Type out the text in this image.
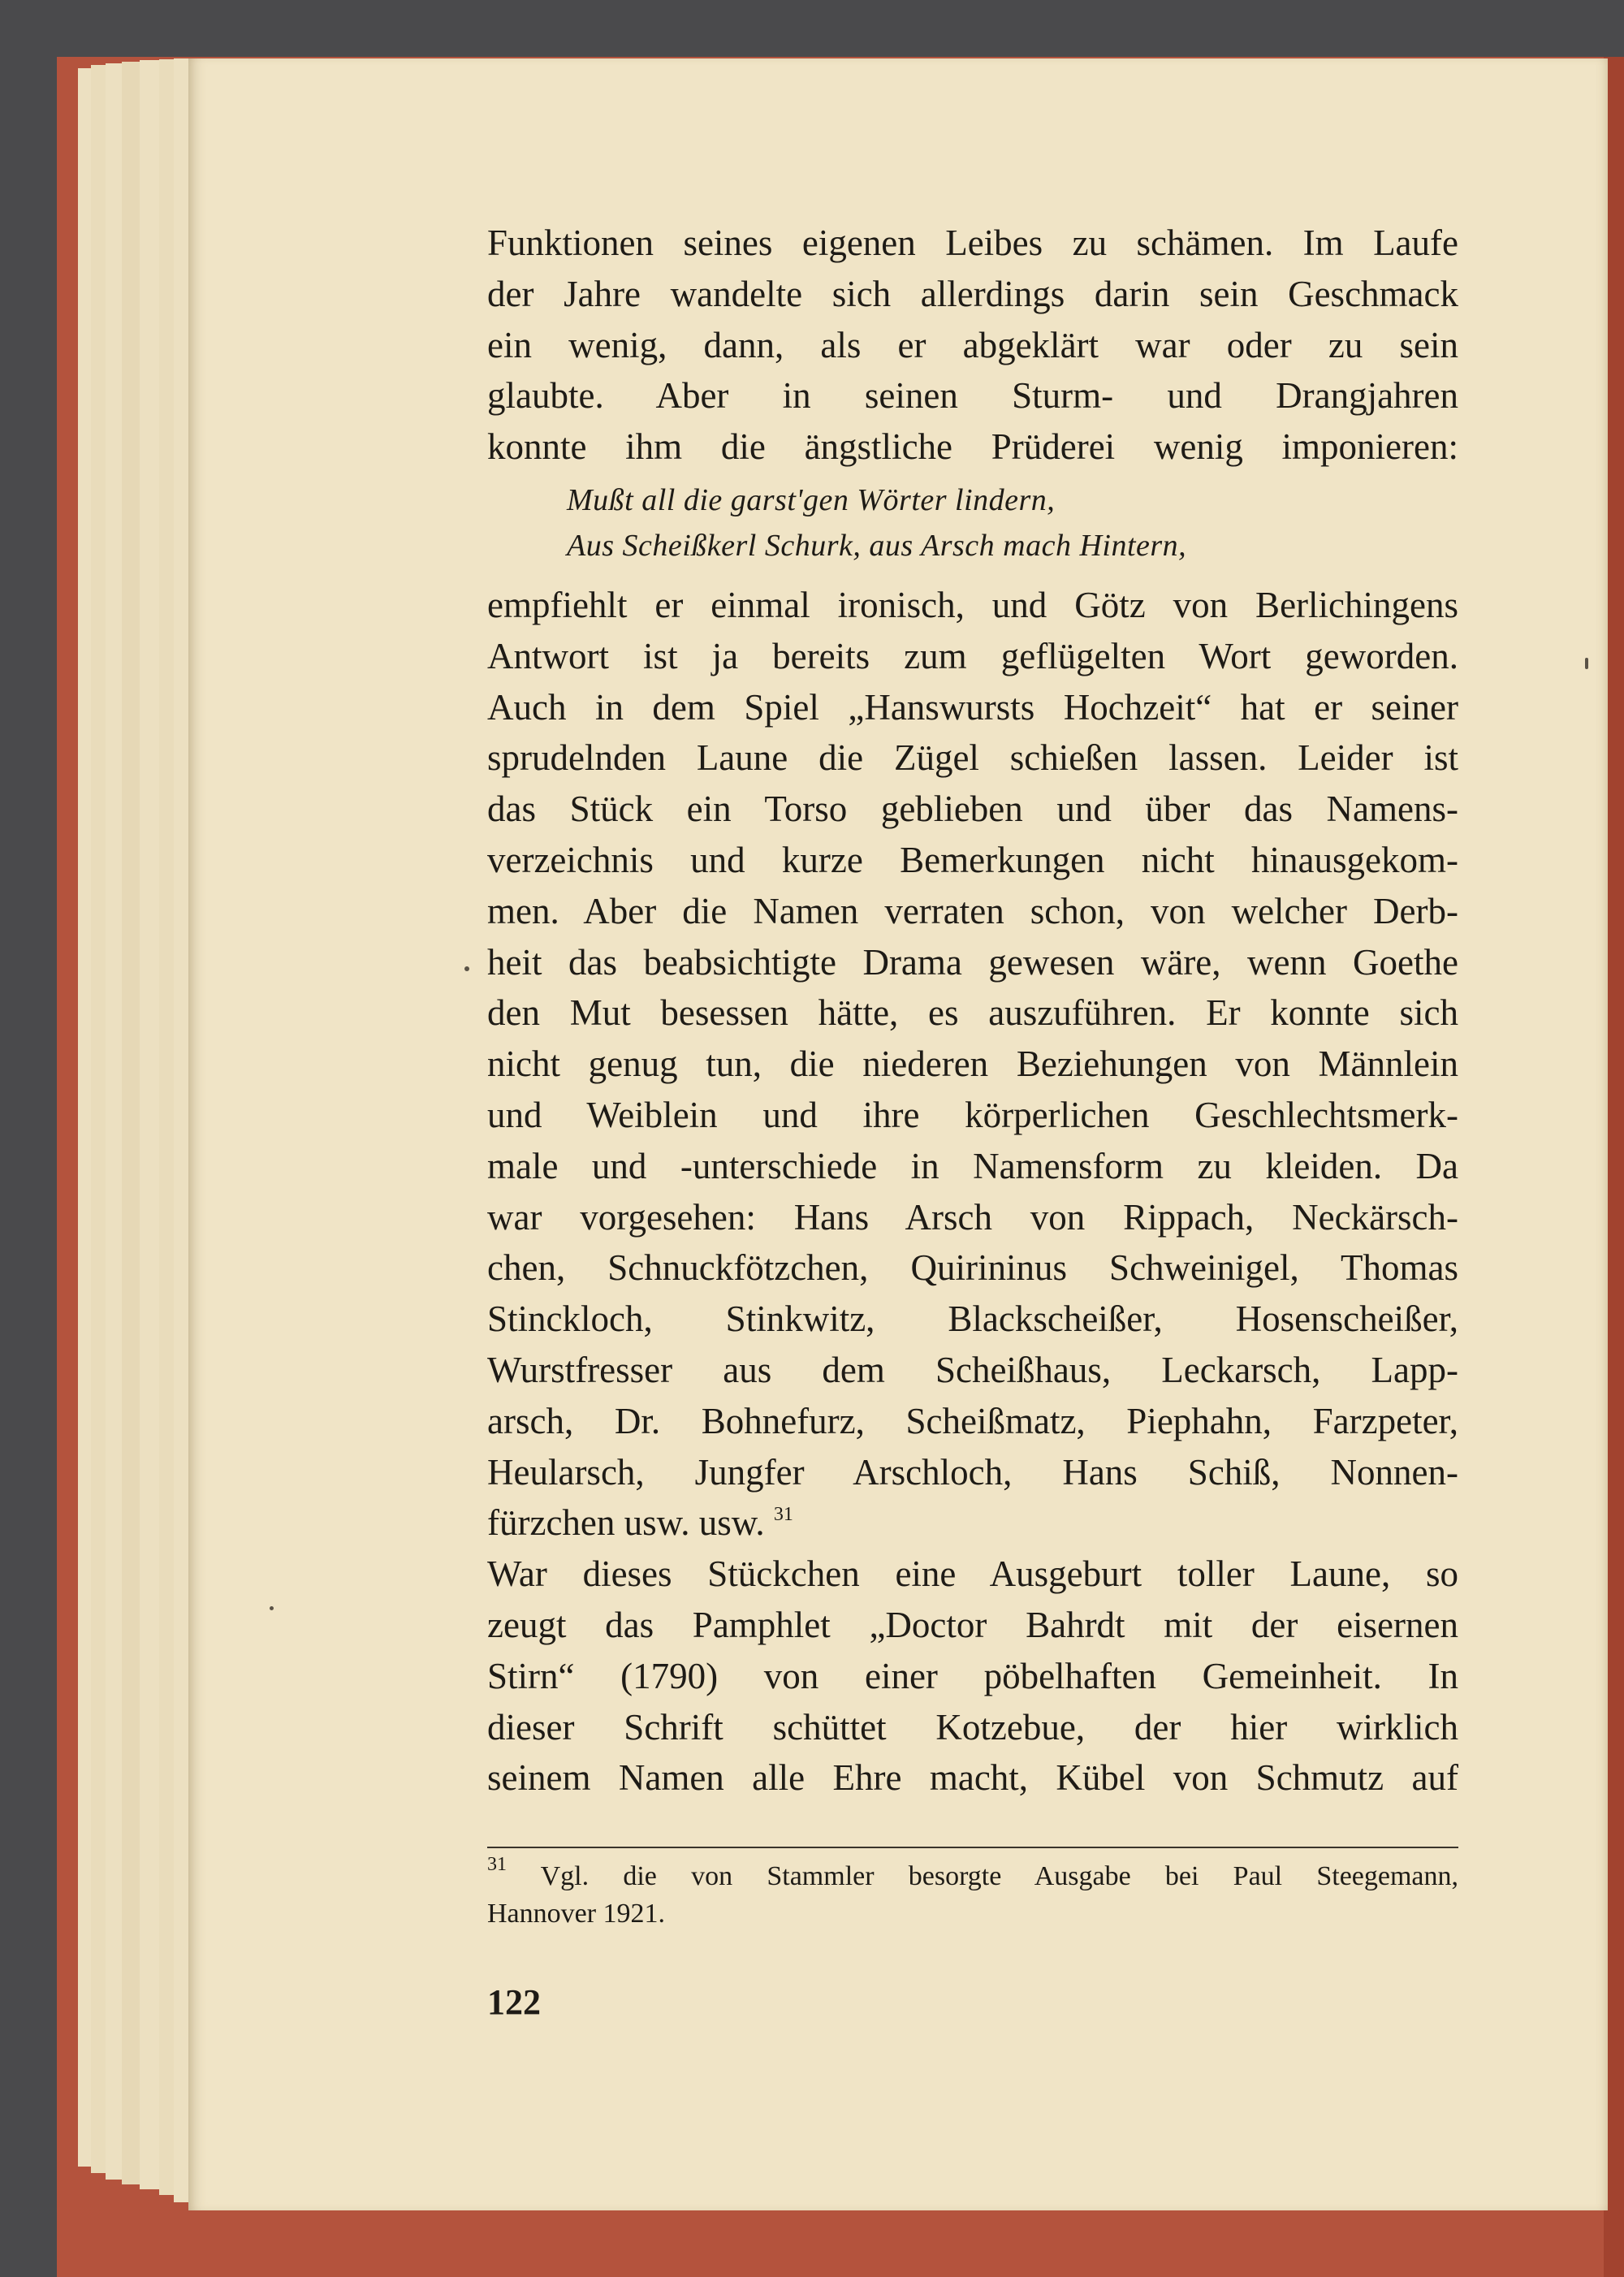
Funktionen seines eigenen Leibes zu schämen. Im Laufe
der Jahre wandelte sich allerdings darin sein Geschmack
ein wenig, dann, als er abgeklärt war oder zu sein
glaubte. Aber in seinen Sturm- und Drangjahren
konnte ihm die ängstliche Prüderei wenig imponieren:
Mußt all die garst'gen Wörter lindern,
Aus Scheißkerl Schurk, aus Arsch mach Hintern,
empfiehlt er einmal ironisch, und Götz von Berlichingens
Antwort ist ja bereits zum geflügelten Wort geworden.
Auch in dem Spiel „Hanswursts Hochzeit“ hat er seiner
sprudelnden Laune die Zügel schießen lassen. Leider ist
das Stück ein Torso geblieben und über das Namens-
verzeichnis und kurze Bemerkungen nicht hinausgekom-
men. Aber die Namen verraten schon, von welcher Derb-
heit das beabsichtigte Drama gewesen wäre, wenn Goethe
den Mut besessen hätte, es auszuführen. Er konnte sich
nicht genug tun, die niederen Beziehungen von Männlein
und Weiblein und ihre körperlichen Geschlechtsmerk-
male und -unterschiede in Namensform zu kleiden. Da
war vorgesehen: Hans Arsch von Rippach, Neckärsch-
chen, Schnuckfötzchen, Quirininus Schweinigel, Thomas
Stinckloch, Stinkwitz, Blackscheißer, Hosenscheißer,
Wurstfresser aus dem Scheißhaus, Leckarsch, Lapp-
arsch, Dr. Bohnefurz, Scheißmatz, Piephahn, Farzpeter,
Heularsch, Jungfer Arschloch, Hans Schiß, Nonnen-
fürzchen usw. usw. $^{31}$
War dieses Stückchen eine Ausgeburt toller Laune, so
zeugt das Pamphlet „Doctor Bahrdt mit der eisernen
Stirn“ (1790) von einer pöbelhaften Gemeinheit. In
dieser Schrift schüttet Kotzebue, der hier wirklich
seinem Namen alle Ehre macht, Kübel von Schmutz auf
$^{31}$ Vgl. die von Stammler besorgte Ausgabe bei Paul Steegemann,
Hannover 1921.
122
